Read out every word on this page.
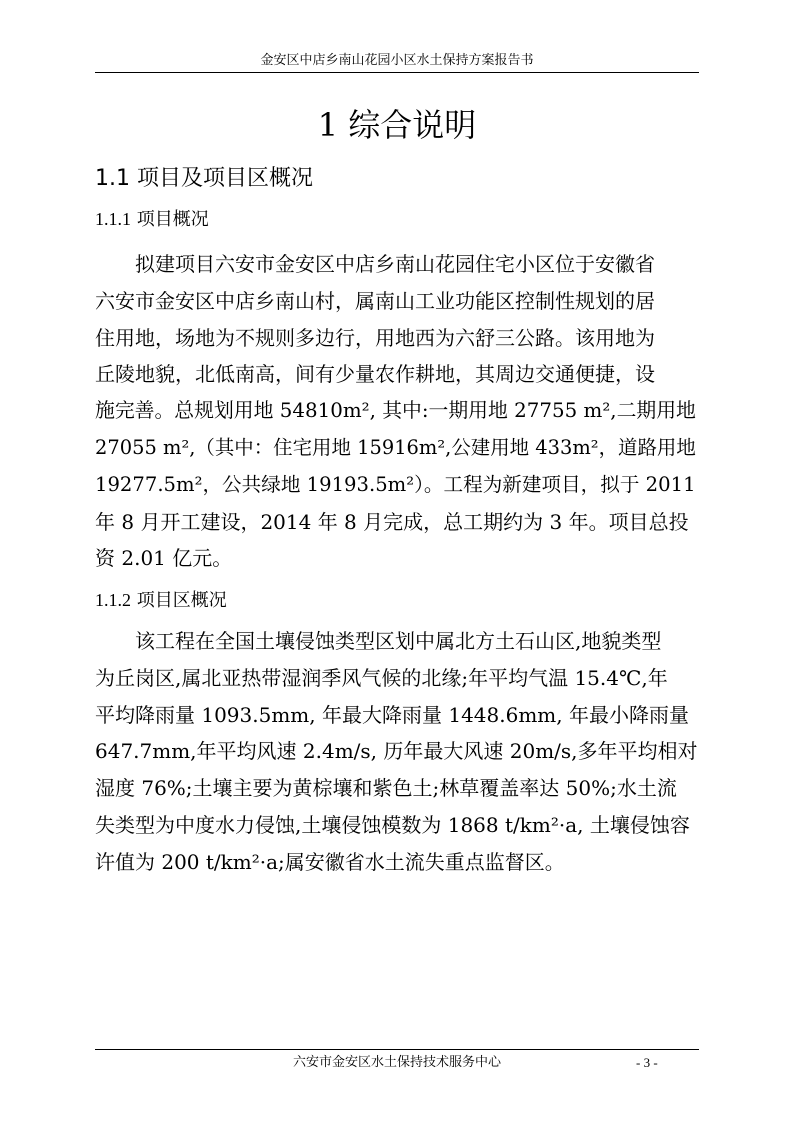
金安区中店乡南山花园小区水土保持方案报告书
1 综合说明
1.1 项目及项目区概况
1.1.1 项目概况
拟建项目六安市金安区中店乡南山花园住宅小区位于安徽省
六安市金安区中店乡南山村，属南山工业功能区控制性规划的居
住用地，场地为不规则多边行，用地西为六舒三公路。该用地为
丘陵地貌，北低南高，间有少量农作耕地，其周边交通便捷，设
施完善。总规划用地 54810m², 其中:一期用地 27755 m²,二期用地
27055 m²,（其中：住宅用地 15916m²,公建用地 433m²，道路用地
19277.5m²，公共绿地 19193.5m²）。工程为新建项目，拟于 2011
年 8 月开工建设，2014 年 8 月完成，总工期约为 3 年。项目总投
资 2.01 亿元。
1.1.2 项目区概况
该工程在全国土壤侵蚀类型区划中属北方土石山区,地貌类型
为丘岗区,属北亚热带湿润季风气候的北缘;年平均气温 15.4℃,年
平均降雨量 1093.5mm, 年最大降雨量 1448.6mm, 年最小降雨量
647.7mm,年平均风速 2.4m/s, 历年最大风速 20m/s,多年平均相对
湿度 76%;土壤主要为黄棕壤和紫色土;林草覆盖率达 50%;水土流
失类型为中度水力侵蚀,土壤侵蚀模数为 1868 t/km²·a, 土壤侵蚀容
许值为 200 t/km²·a;属安徽省水土流失重点监督区。
六安市金安区水土保持技术服务中心	- 3 -
